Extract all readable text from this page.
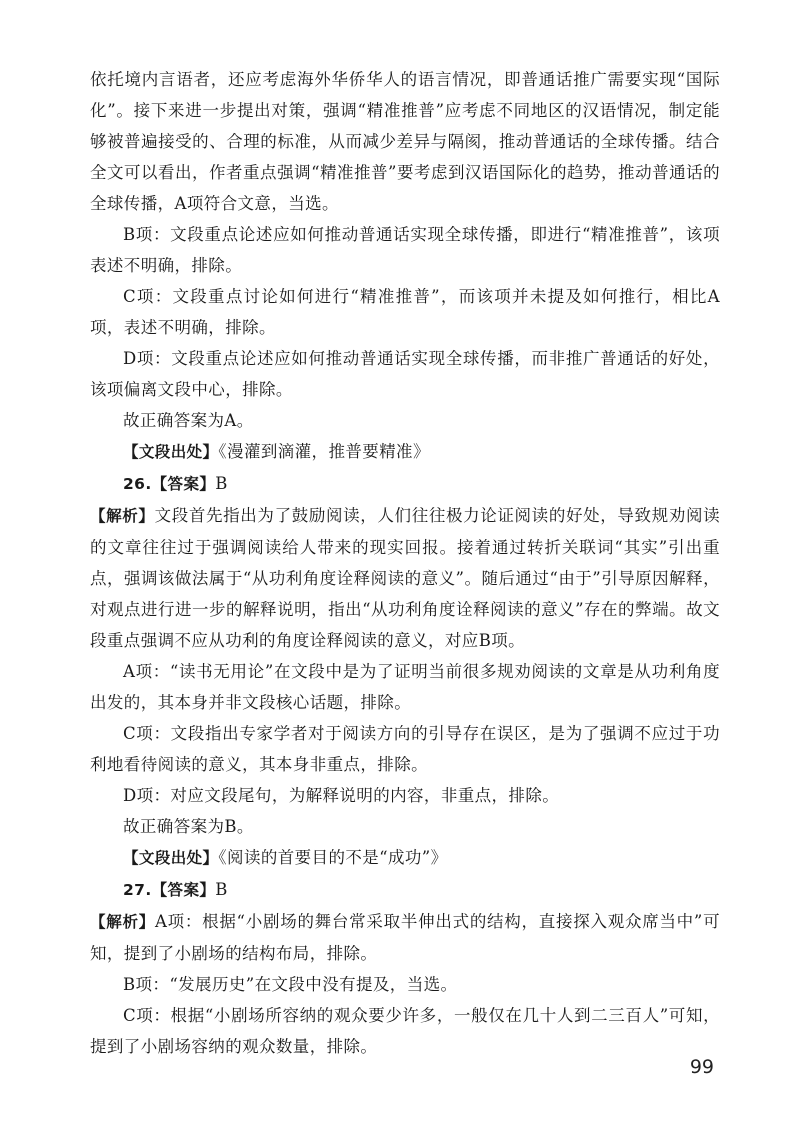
依托境内言语者，还应考虑海外华侨华人的语言情况，即普通话推广需要实现“国际化”。接下来进一步提出对策，强调“精准推普”应考虑不同地区的汉语情况，制定能够被普遍接受的、合理的标准，从而减少差异与隔阂，推动普通话的全球传播。结合全文可以看出，作者重点强调“精准推普”要考虑到汉语国际化的趋势，推动普通话的全球传播，A项符合文意，当选。

B项：文段重点论述应如何推动普通话实现全球传播，即进行“精准推普”，该项表述不明确，排除。

C项：文段重点讨论如何进行“精准推普”，而该项并未提及如何推行，相比A项，表述不明确，排除。

D项：文段重点论述应如何推动普通话实现全球传播，而非推广普通话的好处，该项偏离文段中心，排除。

故正确答案为A。

【文段出处】《漫灌到滴灌，推普要精准》

26.【答案】B

【解析】文段首先指出为了鼓励阅读，人们往往极力论证阅读的好处，导致规劝阅读的文章往往过于强调阅读给人带来的现实回报。接着通过转折关联词“其实”引出重点，强调该做法属于“从功利角度诠释阅读的意义”。随后通过“由于”引导原因解释，对观点进行进一步的解释说明，指出“从功利角度诠释阅读的意义”存在的弊端。故文段重点强调不应从功利的角度诠释阅读的意义，对应B项。

A项：“读书无用论”在文段中是为了证明当前很多规劝阅读的文章是从功利角度出发的，其本身并非文段核心话题，排除。

C项：文段指出专家学者对于阅读方向的引导存在误区，是为了强调不应过于功利地看待阅读的意义，其本身非重点，排除。

D项：对应文段尾句，为解释说明的内容，非重点，排除。

故正确答案为B。

【文段出处】《阅读的首要目的不是“成功”》

27.【答案】B

【解析】A项：根据“小剧场的舞台常采取半伸出式的结构，直接探入观众席当中”可知，提到了小剧场的结构布局，排除。

B项：“发展历史”在文段中没有提及，当选。

C项：根据“小剧场所容纳的观众要少许多，一般仅在几十人到二三百人”可知，提到了小剧场容纳的观众数量，排除。

99
